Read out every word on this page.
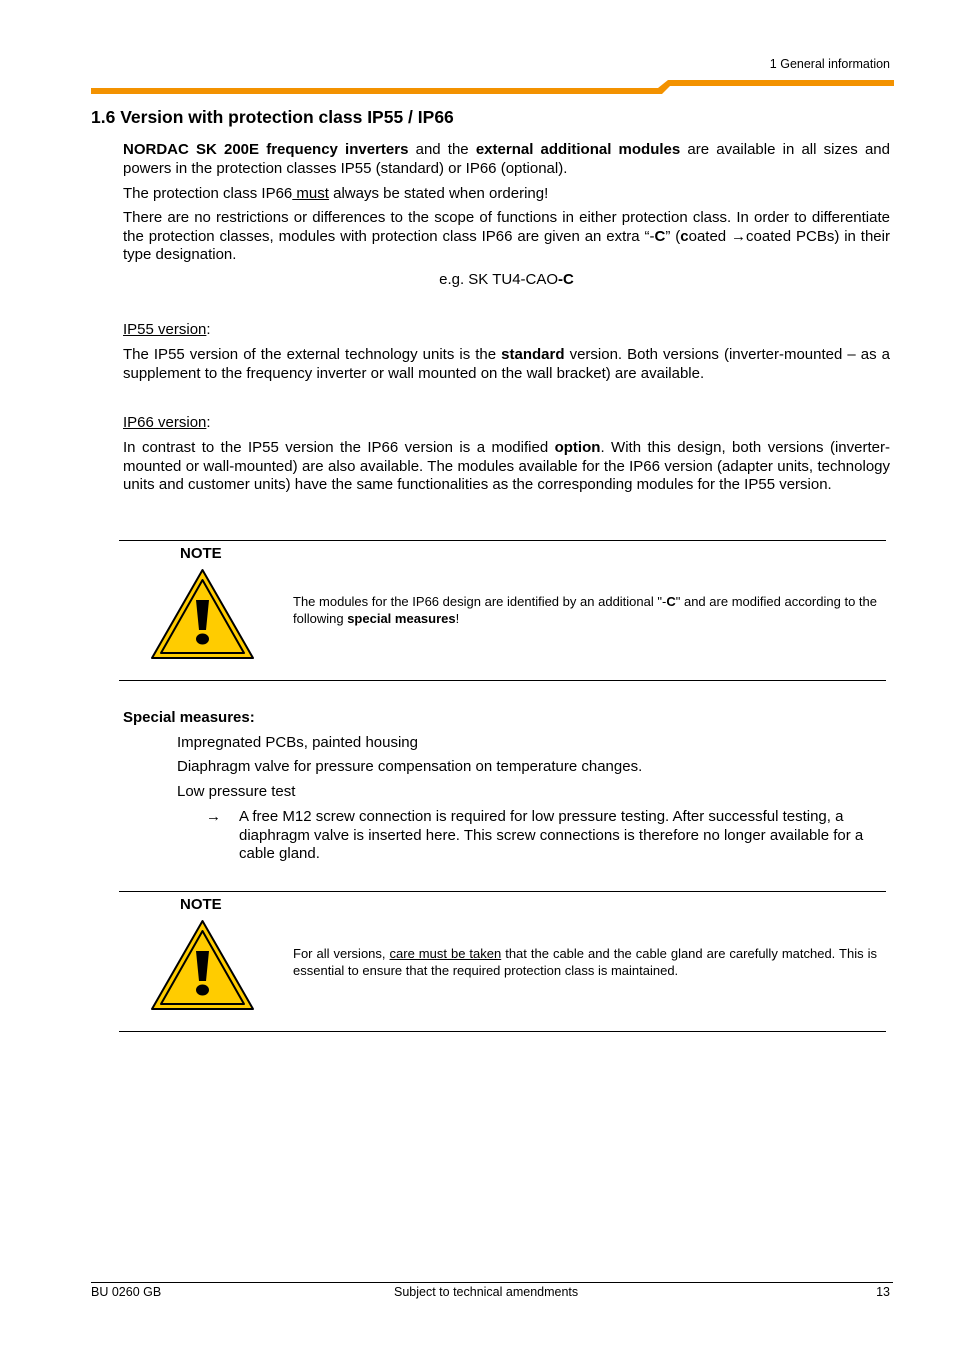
1 General information
1.6 Version with protection class IP55 / IP66

NORDAC SK 200E frequency inverters and the external additional modules are available in all sizes and powers in the protection classes IP55 (standard) or IP66 (optional).

The protection class IP66 must always be stated when ordering!

There are no restrictions or differences to the scope of functions in either protection class. In order to differentiate the protection classes, modules with protection class IP66 are given an extra “-C” (coated →coated PCBs) in their type designation.

e.g. SK TU4-CAO-C

IP55 version:

The IP55 version of the external technology units is the standard version. Both versions (inverter-mounted – as a supplement to the frequency inverter or wall mounted on the wall bracket) are available.

IP66 version:

In contrast to the IP55 version the IP66 version is a modified option. With this design, both versions (inverter-mounted or wall-mounted) are also available. The modules available for the IP66 version (adapter units, technology units and customer units) have the same functionalities as the corresponding modules for the IP55 version.

NOTE
The modules for the IP66 design are identified by an additional "-C" and are modified according to the following special measures!
Special measures:
Impregnated PCBs, painted housing
Diaphragm valve for pressure compensation on temperature changes.
Low pressure test
→ A free M12 screw connection is required for low pressure testing. After successful testing, a diaphragm valve is inserted here. This screw connections is therefore no longer available for a cable gland.
NOTE
For all versions, care must be taken that the cable and the cable gland are carefully matched. This is essential to ensure that the required protection class is maintained.
BU 0260 GB	Subject to technical amendments	13
